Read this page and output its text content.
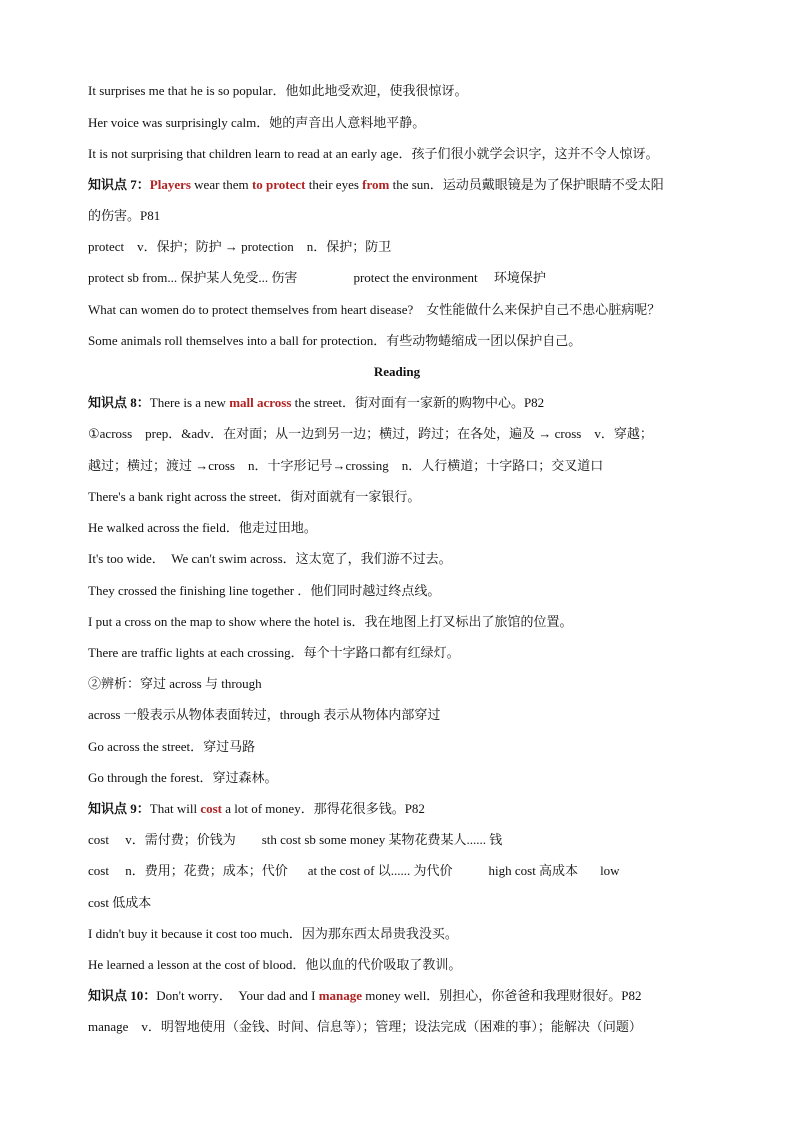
It surprises me that he is so popular．他如此地受欢迎，使我很惊讶。
Her voice was surprisingly calm．她的声音出人意料地平静。
It is not surprising that children learn to read at an early age．孩子们很小就学会识字，这并不令人惊讶。
知识点 7：Players wear them to protect their eyes from the sun．运动员戴眼镜是为了保护眼睛不受太阳
的伤害。P81
protect　v．保护；防护 → protection　n．保护；防卫
protect sb from... 保护某人免受... 伤害	protect the environment　 环境保护
What can women do to protect themselves from heart disease?　女性能做什么来保护自己不患心脏病呢？
Some animals roll themselves into a ball for protection．有些动物蜷缩成一团以保护自己。
Reading
知识点 8：There is a new mall across the street．街对面有一家新的购物中心。P82
①across　prep．&adv．在对面；从一边到另一边；横过，跨过；在各处，遍及 → cross　v．穿越；
越过；横过；渡过 →cross　n．十字形记号→crossing　n．人行横道；十字路口；交叉道口
There's a bank right across the street．街对面就有一家银行。
He walked across the field．他走过田地。
It's too wide．　We can't swim across．这太宽了，我们游不过去。
They crossed the finishing line together ．他们同时越过终点线。
I put a cross on the map to show where the hotel is．我在地图上打叉标出了旅馆的位置。
There are traffic lights at each crossing．每个十字路口都有红绿灯。
②辨析：穿过 across 与 through
across 一般表示从物体表面转过，through 表示从物体内部穿过
Go across the street．穿过马路
Go through the forest．穿过森林。
知识点 9：That will cost a lot of money．那得花很多钱。P82
cost　 v．需付费；价钱为 sth cost sb some money 某物花费某人...... 钱
cost　 n．费用；花费；成本；代价 at the cost of 以...... 为代价	high cost 高成本 low
cost 低成本
I didn't buy it because it cost too much．因为那东西太昂贵我没买。
He learned a lesson at the cost of blood．他以血的代价吸取了教训。
知识点 10：Don't worry．　Your dad and I manage money well．别担心，你爸爸和我理财很好。P82
manage　v．明智地使用（金钱、时间、信息等）；管理；设法完成（困难的事）；能解决（问题）
